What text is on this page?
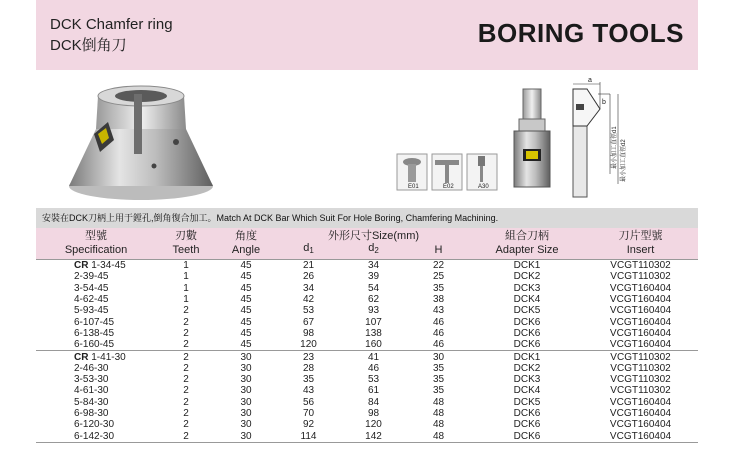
DCK Chamfer ring
DCK倒角刀	BORING TOOLS
E01	E02	A30
a
b
最小加工直徑d1 最小加工直徑d2
安裝在DCK刀柄上用于鏜孔,倒角復合加工。Match At DCK Bar Which Suit For Hole Boring, Chamfering Machining.
型號	刃數	角度	外形尺寸Size(mm)			組合刀柄	刀片型號
Specification	Teeth	Angle	d1	d2	H	Adapter Size	Insert
CR 1-34-45	1	45	21	34	22	DCK1	VCGT110302
2-39-45	1	45	26	39	25	DCK2	VCGT110302
3-54-45	1	45	34	54	35	DCK3	VCGT160404
4-62-45	1	45	42	62	38	DCK4	VCGT160404
5-93-45	2	45	53	93	43	DCK5	VCGT160404
6-107-45	2	45	67	107	46	DCK6	VCGT160404
6-138-45	2	45	98	138	46	DCK6	VCGT160404
6-160-45	2	45	120	160	46	DCK6	VCGT160404
CR 1-41-30	2	30	23	41	30	DCK1	VCGT110302
2-46-30	2	30	28	46	35	DCK2	VCGT110302
3-53-30	2	30	35	53	35	DCK3	VCGT110302
4-61-30	2	30	43	61	35	DCK4	VCGT110302
5-84-30	2	30	56	84	48	DCK5	VCGT160404
6-98-30	2	30	70	98	48	DCK6	VCGT160404
6-120-30	2	30	92	120	48	DCK6	VCGT160404
6-142-30	2	30	114	142	48	DCK6	VCGT160404
